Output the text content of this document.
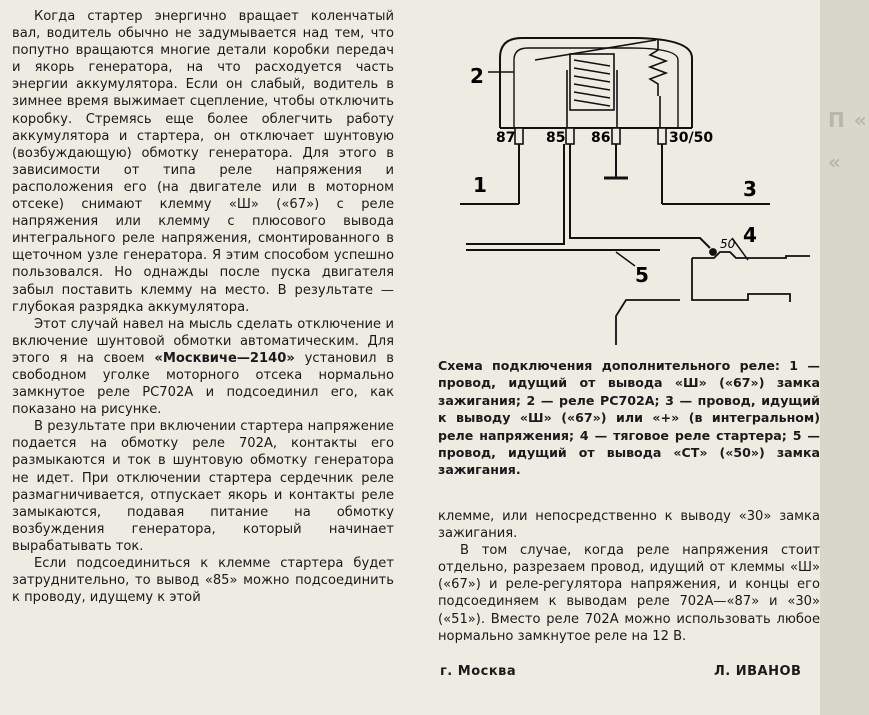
П «
«

Когда стартер энергично вращает коленчатый вал, водитель обычно не задумывается над тем, что попутно вращаются многие детали коробки передач и якорь генератора, на что расходуется часть энергии аккумулятора. Если он слабый, водитель в зимнее время выжимает сцепление, чтобы отключить коробку. Стремясь еще более облегчить работу аккумулятора и стартера, он отключает шунтовую (возбуждающую) обмотку генератора. Для этого в зависимости от типа реле напряжения и расположения его (на двигателе или в моторном отсеке) снимают клемму «Ш» («67») с реле напряжения или клемму с плюсового вывода интегрального реле напряжения, смонтированного в щеточном узле генератора. Я этим способом успешно пользовался. Но однажды после пуска двигателя забыл поставить клемму на место. В результате — глубокая разрядка аккумулятора.

Этот случай навел на мысль сделать отключение и включение шунтовой обмотки автоматическим. Для этого я на своем «Москвиче—2140» установил в свободном уголке моторного отсека нормально замкнутое реле РС702А и подсоединил его, как показано на рисунке.

В результате при включении стартера напряжение подается на обмотку реле 702А, контакты его размыкаются и ток в шунтовую обмотку генератора не идет. При отключении стартера сердечник реле размагничивается, отпускает якорь и контакты реле замыкаются, подавая питание на обмотку возбуждения генератора, который начинает вырабатывать ток.

Если подсоединиться к клемме стартера будет затруднительно, то вывод «85» можно подсоединить к проводу, идущему к этой

87 85 86	30/50
2
1	3
4
5
50

Схема подключения дополнительного реле: 1 — провод, идущий от вывода «Ш» («67») замка зажигания; 2 — реле РС702А; 3 — провод, идущий к выводу «Ш» («67») или «+» (в интегральном) реле напряжения; 4 — тяговое реле стартера; 5 — провод, идущий от вывода «СТ» («50») замка зажигания.

клемме, или непосредственно к выводу «30» замка зажигания.

В том случае, когда реле напряжения стоит отдельно, разрезаем провод, идущий от клеммы «Ш» («67») и реле-регулятора напряжения, и концы его подсоединяем к выводам реле 702А—«87» и «30» («51»). Вместо реле 702А можно использовать любое нормально замкнутое реле на 12 В.

г. Москва	Л. ИВАНОВ
